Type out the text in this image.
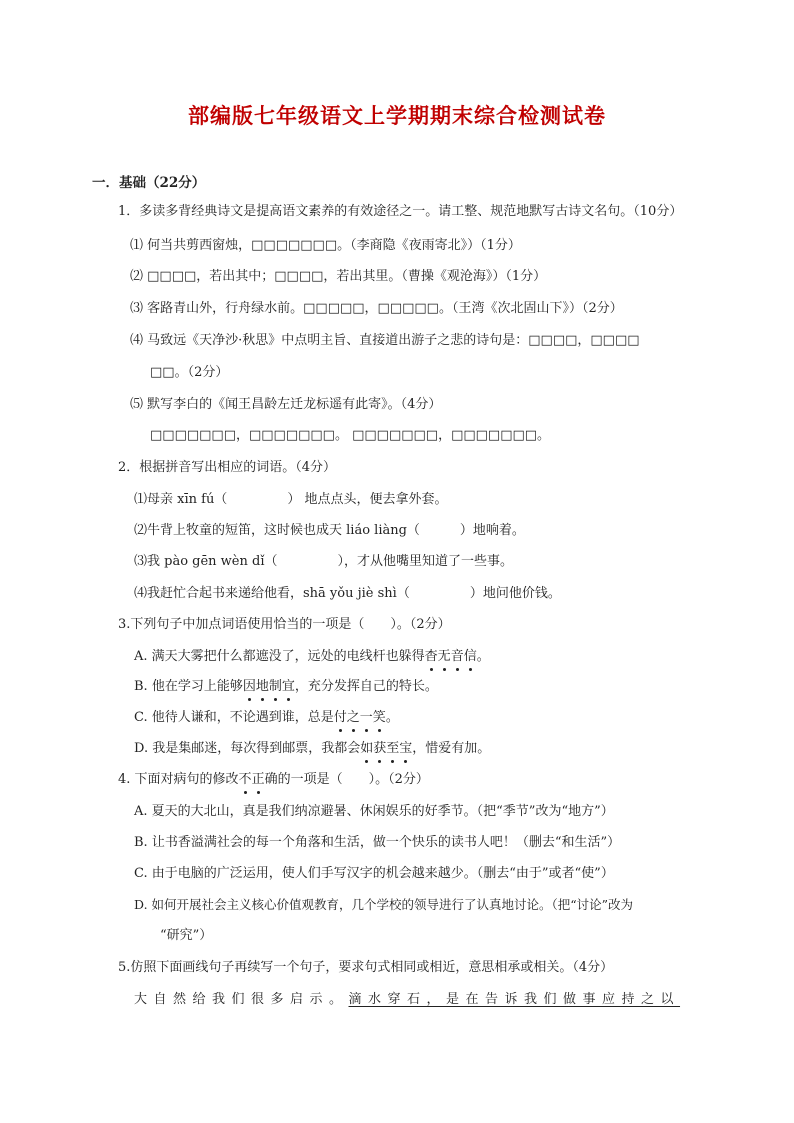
部编版七年级语文上学期期末综合检测试卷
一．基础（22分）
1．多读多背经典诗文是提高语文素养的有效途径之一。请工整、规范地默写古诗文名句。（10分）
⑴ 何当共剪西窗烛，□□□□□□□。（李商隐《夜雨寄北》）（1分）
⑵ □□□□，若出其中；□□□□，若出其里。（曹操《观沧海》）（1分）
⑶ 客路青山外，行舟绿水前。□□□□□，□□□□□。（王湾《次北固山下》）（2分）
⑷ 马致远《天净沙·秋思》中点明主旨、直接道出游子之悲的诗句是：□□□□，□□□□
□□。（2分）
⑸ 默写李白的《闻王昌龄左迁龙标遥有此寄》。（4分）
□□□□□□□，□□□□□□□。 □□□□□□□，□□□□□□□。
2．根据拼音写出相应的词语。（4分）
⑴母亲 xīn fú（	） 地点点头，便去拿外套。
⑵牛背上牧童的短笛，这时候也成天 liáo liàng（	）地响着。
⑶我 pào gēn wèn dǐ（	），才从他嘴里知道了一些事。
⑷我赶忙合起书来递给他看，shā yǒu jiè shì（	）地问他价钱。
3.下列句子中加点词语使用恰当的一项是（　　）。（2分）
A. 满天大雾把什么都遮没了，远处的电线杆也躲得杳无音信。
B. 他在学习上能够因地制宜，充分发挥自己的特长。
C. 他待人谦和，不论遇到谁，总是付之一笑。
D. 我是集邮迷，每次得到邮票，我都会如获至宝，惜爱有加。
4. 下面对病句的修改不正确的一项是（　　）。（2分）
A. 夏天的大北山，真是我们纳凉避暑、休闲娱乐的好季节。（把“季节”改为“地方”）
B. 让书香溢满社会的每一个角落和生活，做一个快乐的读书人吧！（删去“和生活”）
C. 由于电脑的广泛运用，使人们手写汉字的机会越来越少。（删去“由于”或者“使”）
D. 如何开展社会主义核心价值观教育，几个学校的领导进行了认真地讨论。（把“讨论”改为
“研究”）
5.仿照下面画线句子再续写一个句子，要求句式相同或相近，意思相承或相关。（4分）
大自然给我们很多启示。滴水穿石，是在告诉我们做事应持之以
